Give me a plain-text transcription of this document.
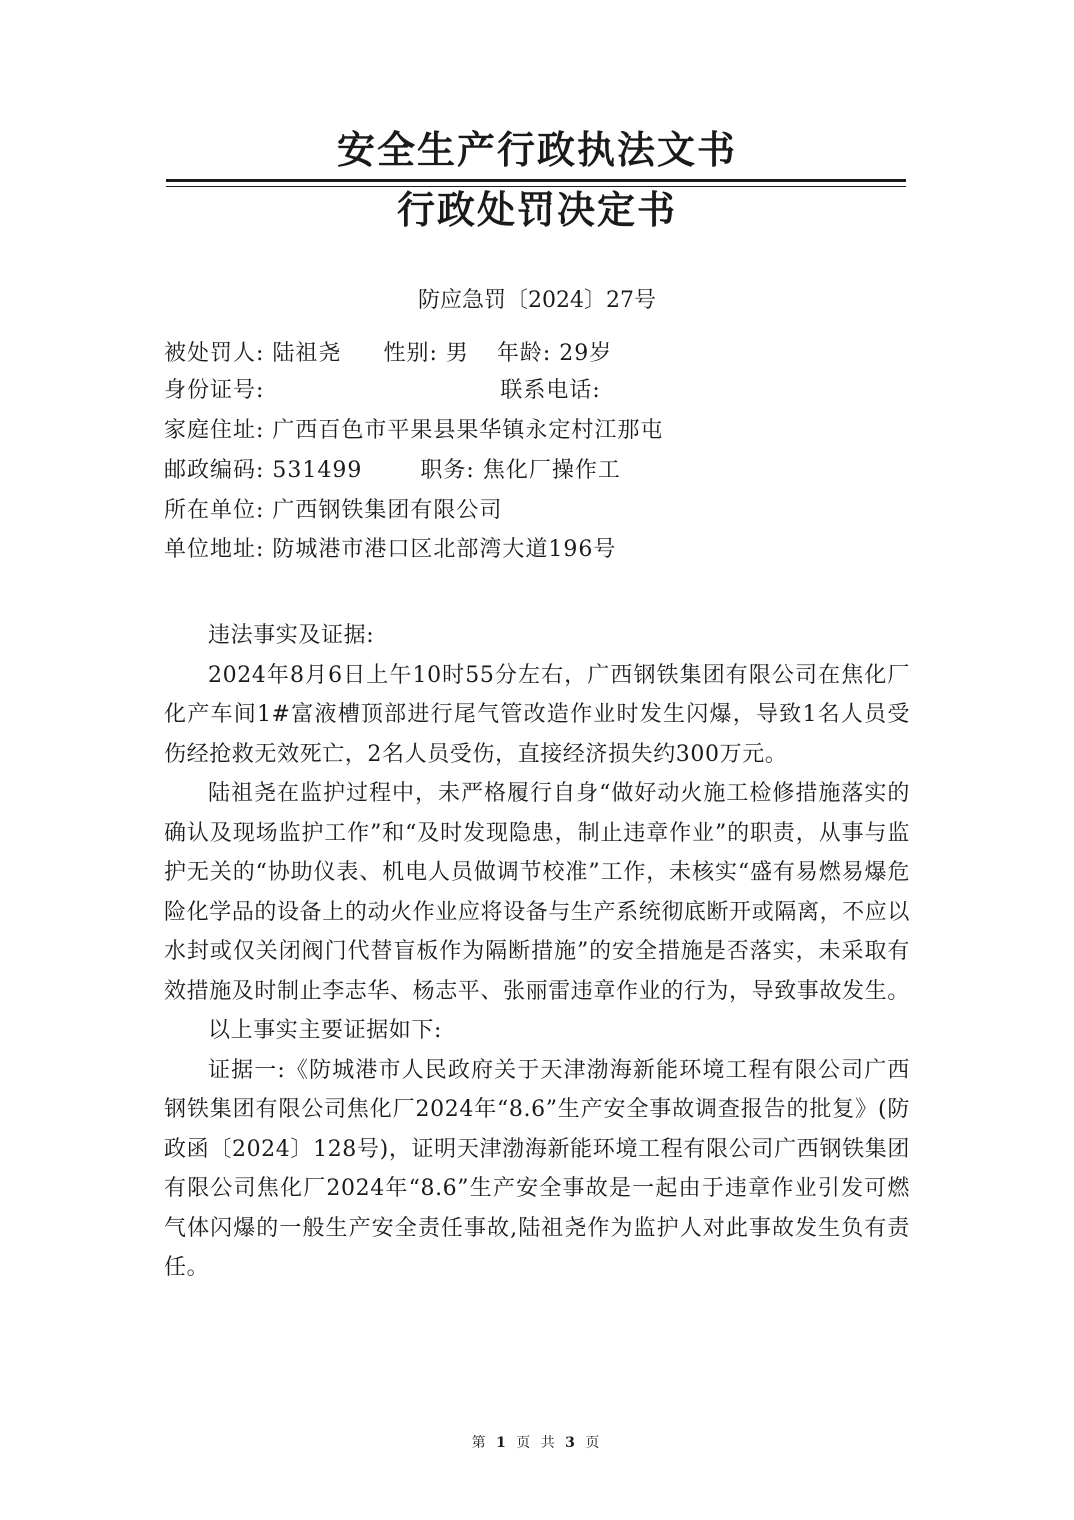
安全生产行政执法文书
行政处罚决定书
防应急罚〔2024〕27号
被处罚人: 陆祖尧 性别: 男 年龄: 29岁
身份证号:	联系电话:
家庭住址: 广西百色市平果县果华镇永定村江那屯
邮政编码: 531499	职务: 焦化厂操作工
所在单位: 广西钢铁集团有限公司
单位地址: 防城港市港口区北部湾大道196号

违法事实及证据:

2024年8月6日上午10时55分左右，广西钢铁集团有限公司在焦化厂化产车间1#富液槽顶部进行尾气管改造作业时发生闪爆，导致1名人员受伤经抢救无效死亡，2名人员受伤，直接经济损失约300万元。

陆祖尧在监护过程中，未严格履行自身“做好动火施工检修措施落实的确认及现场监护工作”和“及时发现隐患，制止违章作业”的职责，从事与监护无关的“协助仪表、机电人员做调节校准”工作，未核实“盛有易燃易爆危险化学品的设备上的动火作业应将设备与生产系统彻底断开或隔离，不应以水封或仅关闭阀门代替盲板作为隔断措施”的安全措施是否落实，未采取有效措施及时制止李志华、杨志平、张丽雷违章作业的行为，导致事故发生。

以上事实主要证据如下:

证据一:《防城港市人民政府关于天津渤海新能环境工程有限公司广西钢铁集团有限公司焦化厂2024年“8.6”生产安全事故调查报告的批复》(防政函〔2024〕128号)，证明天津渤海新能环境工程有限公司广西钢铁集团有限公司焦化厂2024年“8.6”生产安全事故是一起由于违章作业引发可燃气体闪爆的一般生产安全责任事故,陆祖尧作为监护人对此事故发生负有责任。

第 1 页 共 3 页
